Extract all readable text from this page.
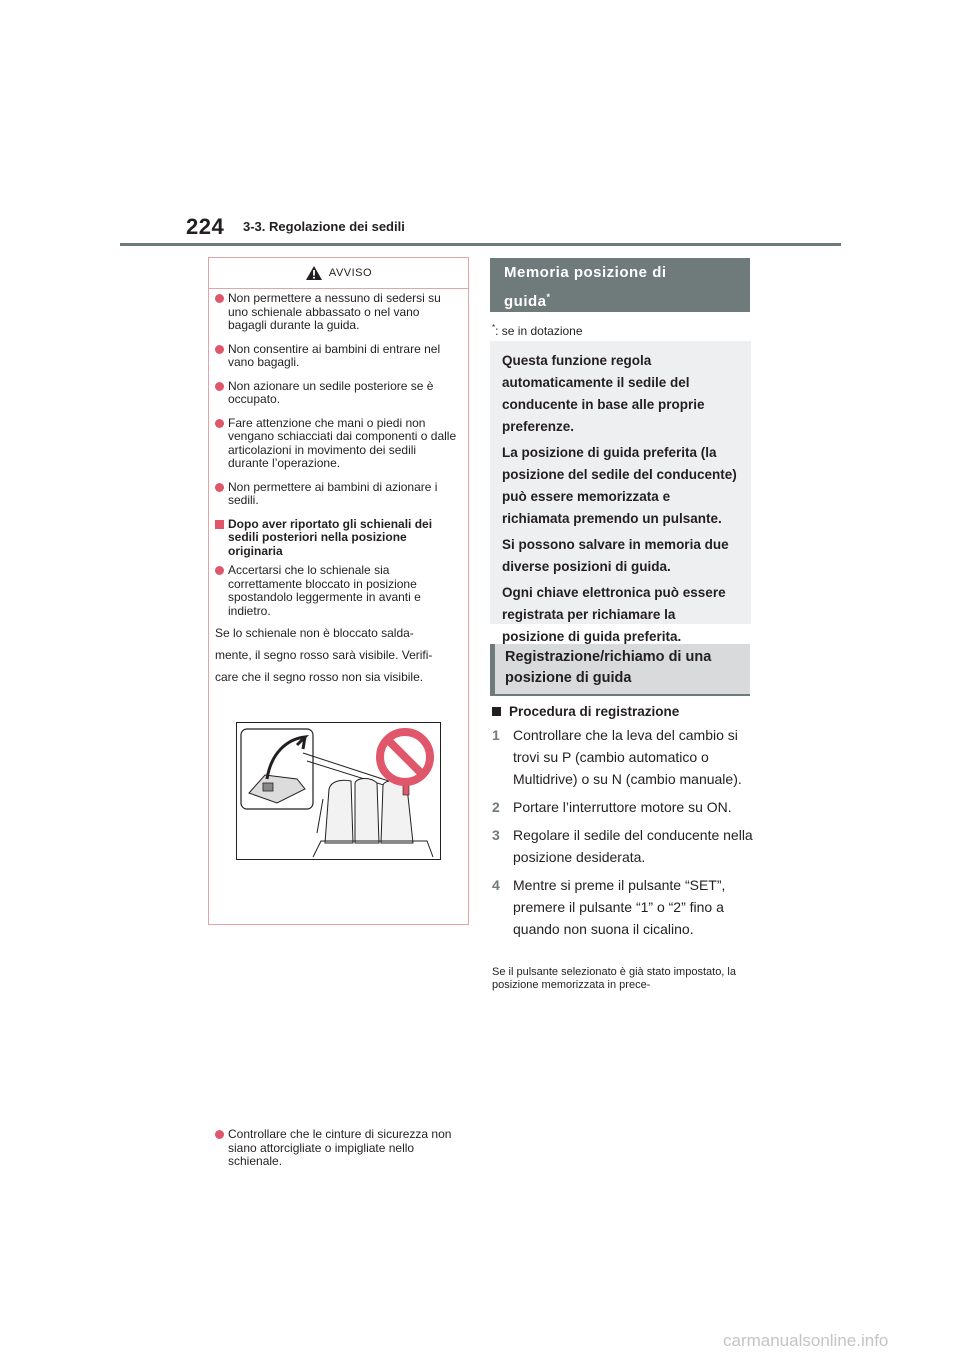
224 3-3. Regolazione dei sedili
AVVISO
Non permettere a nessuno di sedersi su uno schienale abbassato o nel vano bagagli durante la guida.
Non consentire ai bambini di entrare nel vano bagagli.
Non azionare un sedile posteriore se è occupato.
Fare attenzione che mani o piedi non vengano schiacciati dai componenti o dalle articolazioni in movimento dei sedili durante l’operazione.
Non permettere ai bambini di azionare i sedili.
Dopo aver riportato gli schienali dei sedili posteriori nella posizione originaria
Accertarsi che lo schienale sia correttamente bloccato in posizione spostandolo leggermente in avanti e indietro.
Se lo schienale non è bloccato salda-
mente, il segno rosso sarà visibile. Verifi-
care che il segno rosso non sia visibile.
Controllare che le cinture di sicurezza non siano attorcigliate o impigliate nello schienale.
Memoria posizione di
guida*
*: se in dotazione

Questa funzione regola automaticamente il sedile del conducente in base alle proprie preferenze.

La posizione di guida preferita (la posizione del sedile del conducente) può essere memorizzata e richiamata premendo un pulsante.

Si possono salvare in memoria due diverse posizioni di guida.

Ogni chiave elettronica può essere registrata per richiamare la posizione di guida preferita.

Registrazione/richiamo di una posizione di guida
Procedura di registrazione
1 Controllare che la leva del cambio si trovi su P (cambio automatico o Multidrive) o su N (cambio manuale).
2 Portare l’interruttore motore su ON.
3 Regolare il sedile del conducente nella posizione desiderata.
4 Mentre si preme il pulsante “SET”, premere il pulsante “1” o “2” fino a quando non suona il cicalino.
Se il pulsante selezionato è già stato impostato, la posizione memorizzata in prece-
carmanualsonline.info
